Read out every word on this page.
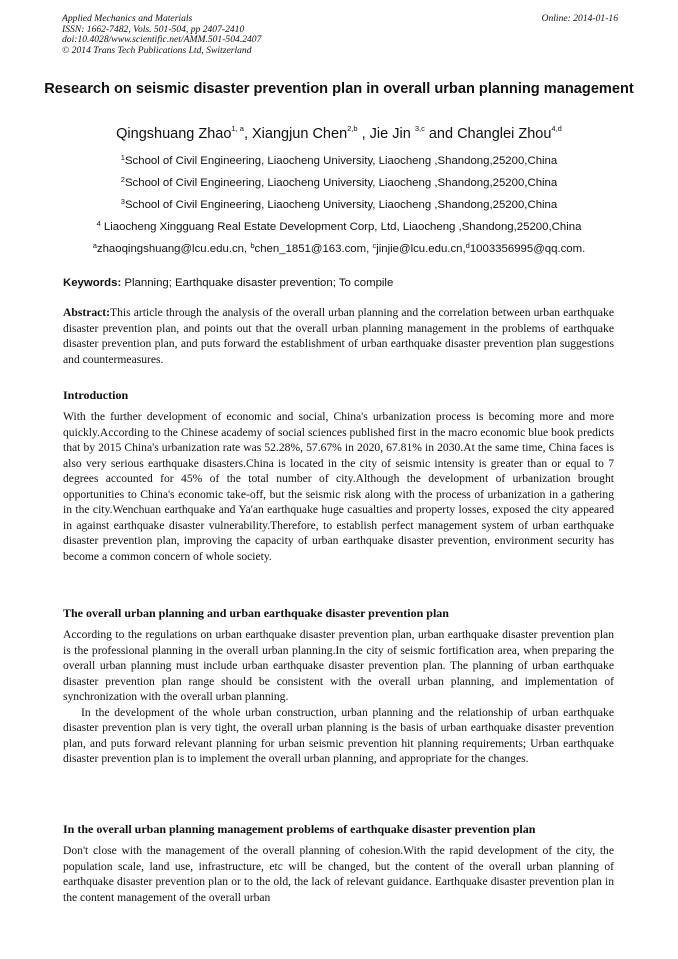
Applied Mechanics and Materials
ISSN: 1662-7482, Vols. 501-504, pp 2407-2410
doi:10.4028/www.scientific.net/AMM.501-504.2407
© 2014 Trans Tech Publications Ltd, Switzerland
Online: 2014-01-16
Research on seismic disaster prevention plan in overall urban planning management
Qingshuang Zhao$^{1, a}$, Xiangjun Chen$^{2,b}$ , Jie Jin $^{3,c}$ and Changlei Zhou$^{4,d}$
$^1$School of Civil Engineering, Liaocheng University, Liaocheng ,Shandong,25200,China
$^2$School of Civil Engineering, Liaocheng University, Liaocheng ,Shandong,25200,China
$^3$School of Civil Engineering, Liaocheng University, Liaocheng ,Shandong,25200,China
$^4$ Liaocheng Xingguang Real Estate Development Corp, Ltd, Liaocheng ,Shandong,25200,China
$^a$zhaoqingshuang@lcu.edu.cn, $^b$chen_1851@163.com, $^c$jinjie@lcu.edu.cn,$^d$1003356995@qq.com.
Keywords: Planning; Earthquake disaster prevention; To compile
Abstract:This article through the analysis of the overall urban planning and the correlation between urban earthquake disaster prevention plan, and points out that the overall urban planning management in the problems of earthquake disaster prevention plan, and puts forward the establishment of urban earthquake disaster prevention plan suggestions and countermeasures.
Introduction
With the further development of economic and social, China's urbanization process is becoming more and more quickly.According to the Chinese academy of social sciences published first in the macro economic blue book predicts that by 2015 China's urbanization rate was 52.28%, 57.67% in 2020, 67.81% in 2030.At the same time, China faces is also very serious earthquake disasters.China is located in the city of seismic intensity is greater than or equal to 7 degrees accounted for 45% of the total number of city.Although the development of urbanization brought opportunities to China's economic take-off, but the seismic risk along with the process of urbanization in a gathering in the city.Wenchuan earthquake and Ya'an earthquake huge casualties and property losses, exposed the city appeared in against earthquake disaster vulnerability.Therefore, to establish perfect management system of urban earthquake disaster prevention plan, improving the capacity of urban earthquake disaster prevention, environment security has become a common concern of whole society.
The overall urban planning and urban earthquake disaster prevention plan
According to the regulations on urban earthquake disaster prevention plan, urban earthquake disaster prevention plan is the professional planning in the overall urban planning.In the city of seismic fortification area, when preparing the overall urban planning must include urban earthquake disaster prevention plan. The planning of urban earthquake disaster prevention plan range should be consistent with the overall urban planning, and implementation of synchronization with the overall urban planning.
In the development of the whole urban construction, urban planning and the relationship of urban earthquake disaster prevention plan is very tight, the overall urban planning is the basis of urban earthquake disaster prevention plan, and puts forward relevant planning for urban seismic prevention hit planning requirements; Urban earthquake disaster prevention plan is to implement the overall urban planning, and appropriate for the changes.
In the overall urban planning management problems of earthquake disaster prevention plan
Don't close with the management of the overall planning of cohesion.With the rapid development of the city, the population scale, land use, infrastructure, etc will be changed, but the content of the overall urban planning of earthquake disaster prevention plan or to the old, the lack of relevant guidance. Earthquake disaster prevention plan in the content management of the overall urban
